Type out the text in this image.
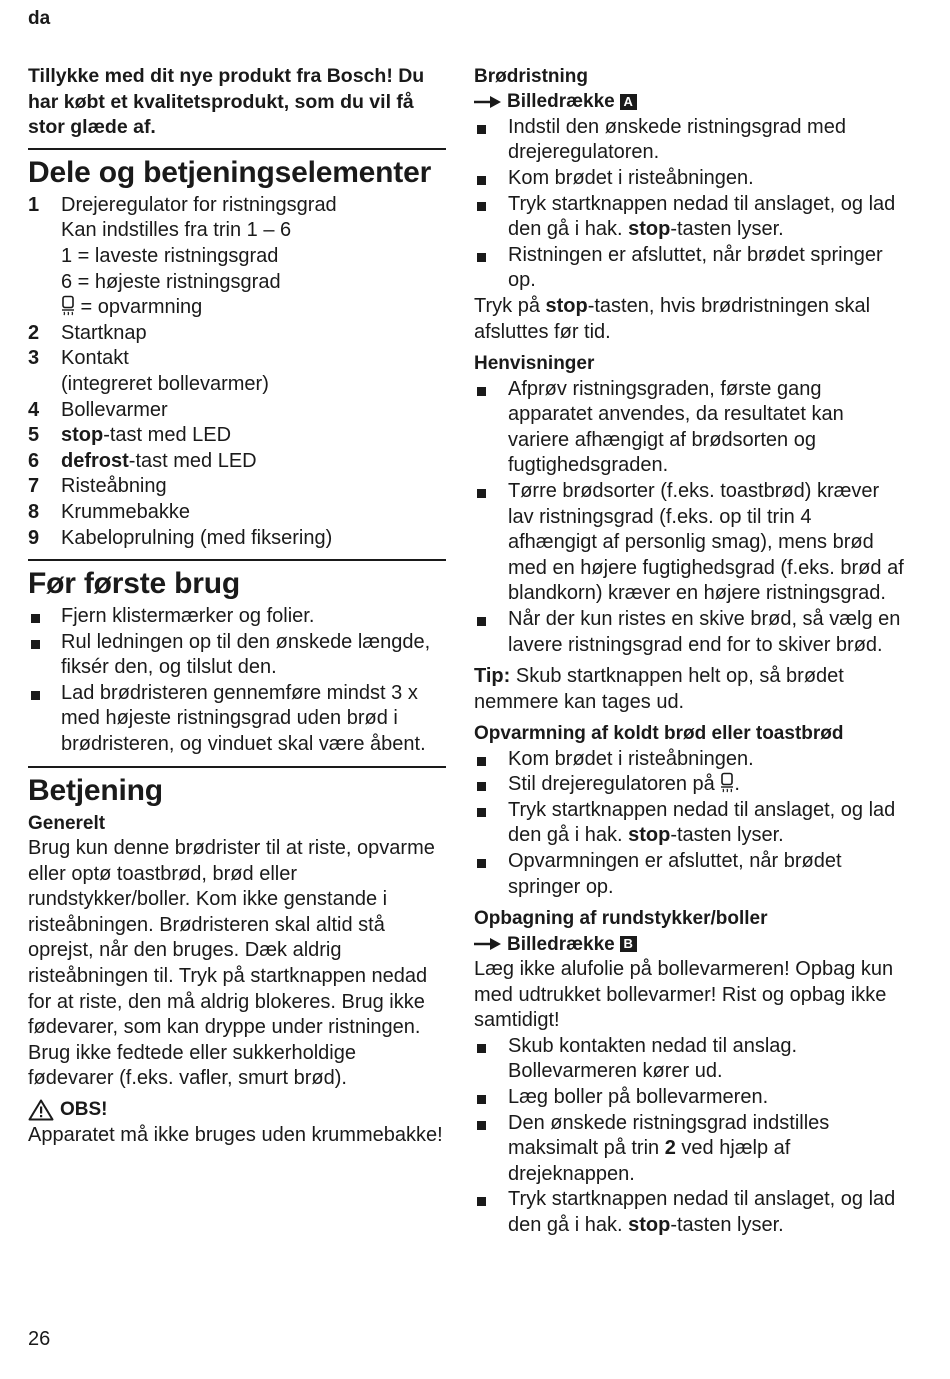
da

Tillykke med dit nye produkt fra Bosch! Du har købt et kvalitetsprodukt, som du vil få stor glæde af.

Dele og betjeningselementer
1	Drejeregulator for ristningsgrad
Kan indstilles fra trin 1 – 6
1 = laveste ristningsgrad
6 = højeste ristningsgrad
= opvarmning
2	Startknap
3	Kontakt
(integreret bollevarmer)
4	Bollevarmer
5	stop-tast med LED
6	defrost-tast med LED
7	Risteåbning
8	Krummebakke
9	Kabeloprulning (med fiksering)
Før første brug
Fjern klistermærker og folier.
Rul ledningen op til den ønskede længde, fiksér den, og tilslut den.
Lad brødristeren gennemføre mindst 3 x med højeste ristningsgrad uden brød i brødristeren, og vinduet skal være åbent.
Betjening

Generelt

Brug kun denne brødrister til at riste, opvarme eller optø toastbrød, brød eller rundstykker/boller. Kom ikke genstande i risteåbningen. Brødristeren skal altid stå oprejst, når den bruges. Dæk aldrig risteåbningen til. Tryk på startknappen nedad for at riste, den må aldrig blokeres. Brug ikke fødevarer, som kan dryppe under ristningen.

Brug ikke fedtede eller sukkerholdige fødevarer (f.eks. vafler, smurt brød).

OBS!

Apparatet må ikke bruges uden krummebakke!

Brødristning

Billedrække A
Indstil den ønskede ristningsgrad med drejeregulatoren.
Kom brødet i risteåbningen.
Tryk startknappen nedad til anslaget, og lad den gå i hak. stop-tasten lyser.
Ristningen er afsluttet, når brødet springer op.

Tryk på stop-tasten, hvis brødristningen skal afsluttes før tid.

Henvisninger

Afprøv ristningsgraden, første gang apparatet anvendes, da resultatet kan variere afhængigt af brødsorten og fugtighedsgraden.
Tørre brødsorter (f.eks. toastbrød) kræver lav ristningsgrad (f.eks. op til trin 4 afhængigt af personlig smag), mens brød med en højere fugtighedsgrad (f.eks. brød af blandkorn) kræver en højere ristningsgrad.
Når der kun ristes en skive brød, så vælg en lavere ristningsgrad end for to skiver brød.

Tip: Skub startknappen helt op, så brødet nemmere kan tages ud.

Opvarmning af koldt brød eller toastbrød

Kom brødet i risteåbningen.
Stil drejeregulatoren på .
Tryk startknappen nedad til anslaget, og lad den gå i hak. stop-tasten lyser.
Opvarmningen er afsluttet, når brødet springer op.

Opbagning af rundstykker/boller

Billedrække B

Læg ikke alufolie på bollevarmeren! Opbag kun med udtrukket bollevarmer! Rist og opbag ikke samtidigt!

Skub kontakten nedad til anslag. Bollevarmeren kører ud.
Læg boller på bollevarmeren.
Den ønskede ristningsgrad indstilles maksimalt på trin 2 ved hjælp af drejeknappen.
Tryk startknappen nedad til anslaget, og lad den gå i hak. stop-tasten lyser.
26
